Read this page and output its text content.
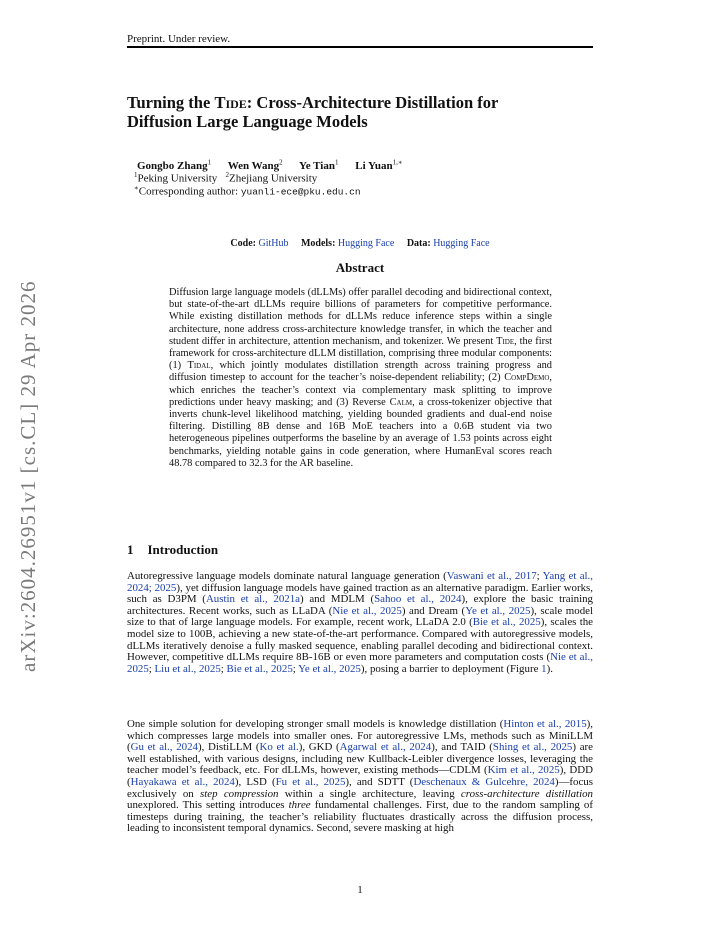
Preprint. Under review.
arXiv:2604.26951v1 [cs.CL] 29 Apr 2026
Turning the Tide: Cross-Architecture Distillation for
Diffusion Large Language Models
Gongbo Zhang$^1$ Wen Wang$^2$ Ye Tian$^1$ Li Yuan$^{1,∗}$
$^1$Peking University $^2$Zhejiang University
∗Corresponding author: yuanli-ece@pku.edu.cn
Code: GitHub Models: Hugging Face Data: Hugging Face
Abstract
Diffusion large language models (dLLMs) offer parallel decoding and bidirectional context, but state-of-the-art dLLMs require billions of parameters for competitive performance. While existing distillation methods for dLLMs reduce inference steps within a single architecture, none address cross-architecture knowledge transfer, in which the teacher and student differ in architecture, attention mechanism, and tokenizer. We present Tide, the first framework for cross-architecture dLLM distillation, comprising three modular components: (1) Tidal, which jointly modulates distillation strength across training progress and diffusion timestep to account for the teacher’s noise-dependent reliability; (2) CompDemo, which enriches the teacher’s context via complementary mask splitting to improve predictions under heavy masking; and (3) Reverse Calm, a cross-tokenizer objective that inverts chunk-level likelihood matching, yielding bounded gradients and dual-end noise filtering. Distilling 8B dense and 16B MoE teachers into a 0.6B student via two heterogeneous pipelines outperforms the baseline by an average of 1.53 points across eight benchmarks, yielding notable gains in code generation, where HumanEval scores reach 48.78 compared to 32.3 for the AR baseline.
1 Introduction
Autoregressive language models dominate natural language generation (Vaswani et al., 2017; Yang et al., 2024; 2025), yet diffusion language models have gained traction as an alternative paradigm. Earlier works, such as D3PM (Austin et al., 2021a) and MDLM (Sahoo et al., 2024), explore the basic training architectures. Recent works, such as LLaDA (Nie et al., 2025) and Dream (Ye et al., 2025), scale model size to that of large language models. For example, recent work, LLaDA 2.0 (Bie et al., 2025), scales the model size to 100B, achieving a new state-of-the-art performance. Compared with autoregressive models, dLLMs iteratively denoise a fully masked sequence, enabling parallel decoding and bidirectional context. However, competitive dLLMs require 8B-16B or even more parameters and computation costs (Nie et al., 2025; Liu et al., 2025; Bie et al., 2025; Ye et al., 2025), posing a barrier to deployment (Figure 1).
One simple solution for developing stronger small models is knowledge distillation (Hinton et al., 2015), which compresses large models into smaller ones. For autoregressive LMs, methods such as MiniLLM (Gu et al., 2024), DistiLLM (Ko et al.), GKD (Agarwal et al., 2024), and TAID (Shing et al., 2025) are well established, with various designs, including new Kullback-Leibler divergence losses, leveraging the teacher model’s feedback, etc. For dLLMs, however, existing methods—CDLM (Kim et al., 2025), DDD (Hayakawa et al., 2024), LSD (Fu et al., 2025), and SDTT (Deschenaux & Gulcehre, 2024)—focus exclusively on step compression within a single architecture, leaving cross-architecture distillation unexplored. This setting introduces three fundamental challenges. First, due to the random sampling of timesteps during training, the teacher’s reliability fluctuates drastically across the diffusion process, leading to inconsistent temporal dynamics. Second, severe masking at high
1
